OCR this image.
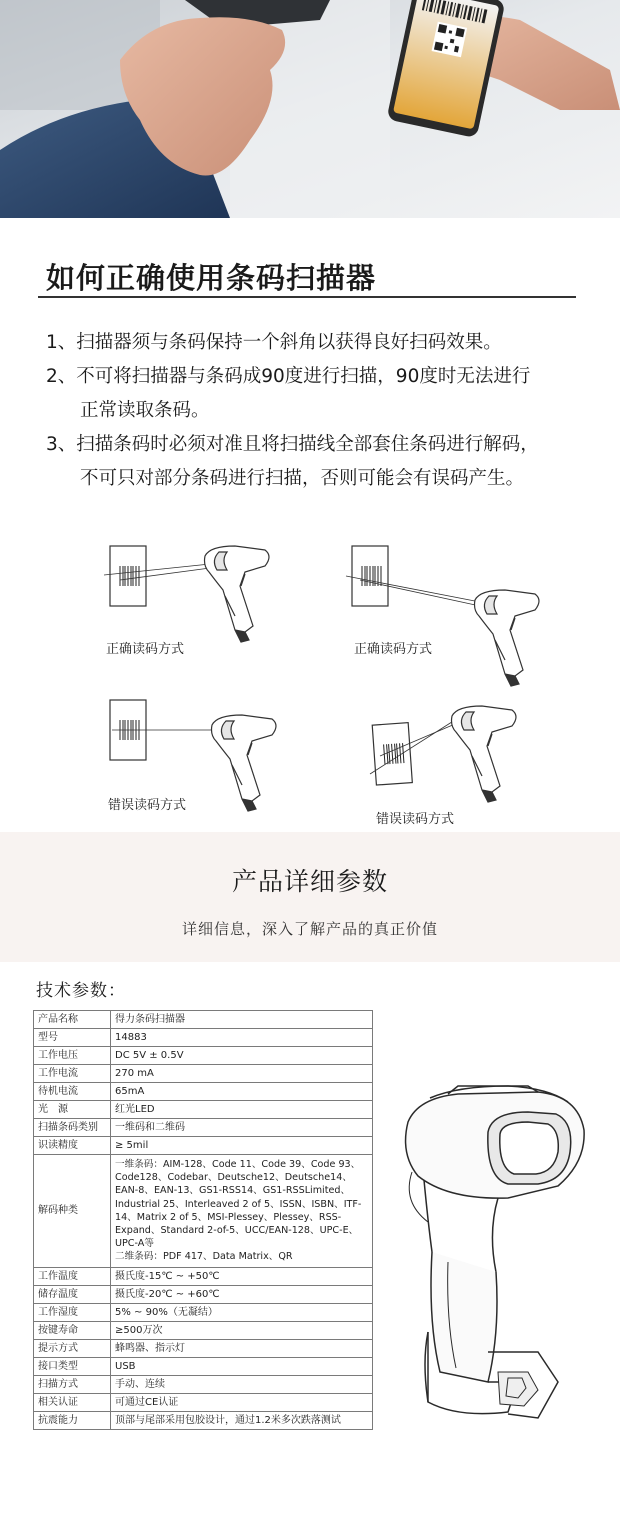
如何正确使用条码扫描器
1、扫描器须与条码保持一个斜角以获得良好扫码效果。
2、不可将扫描器与条码成90度进行扫描，90度时无法进行
正常读取条码。
3、扫描条码时必须对准且将扫描线全部套住条码进行解码，
不可只对部分条码进行扫描，否则可能会有误码产生。
正确读码方式	正确读码方式
错误读码方式
错误读码方式
产品详细参数
详细信息，深入了解产品的真正价值
技术参数：
产品名称	得力条码扫描器
型号	14883
工作电压	DC 5V ± 0.5V
工作电流	270 mA
待机电流	65mA
光　源	红光LED
扫描条码类别	一维码和二维码
识读精度	≥ 5mil
解码种类	一维条码：AIM-128、Code 11、Code 39、Code 93、Code128、Codebar、Deutsche12、Deutsche14、EAN-8、EAN-13、GS1-RSS14、GS1-RSSLimited、Industrial 25、Interleaved 2 of 5、ISSN、ISBN、ITF-14、Matrix 2 of 5、MSI-Plessey、Plessey、RSS-Expand、Standard 2-of-5、UCC/EAN-128、UPC-E、UPC-A等
二维条码：PDF 417、Data Matrix、QR
工作温度	摄氏度-15℃ ~ +50℃
储存温度	摄氏度-20℃ ~ +60℃
工作湿度	5% ~ 90%（无凝结）
按键寿命	≥500万次
提示方式	蜂鸣器、指示灯
接口类型	USB
扫描方式	手动、连续
相关认证	可通过CE认证
抗震能力	顶部与尾部采用包胶设计，通过1.2米多次跌落测试
